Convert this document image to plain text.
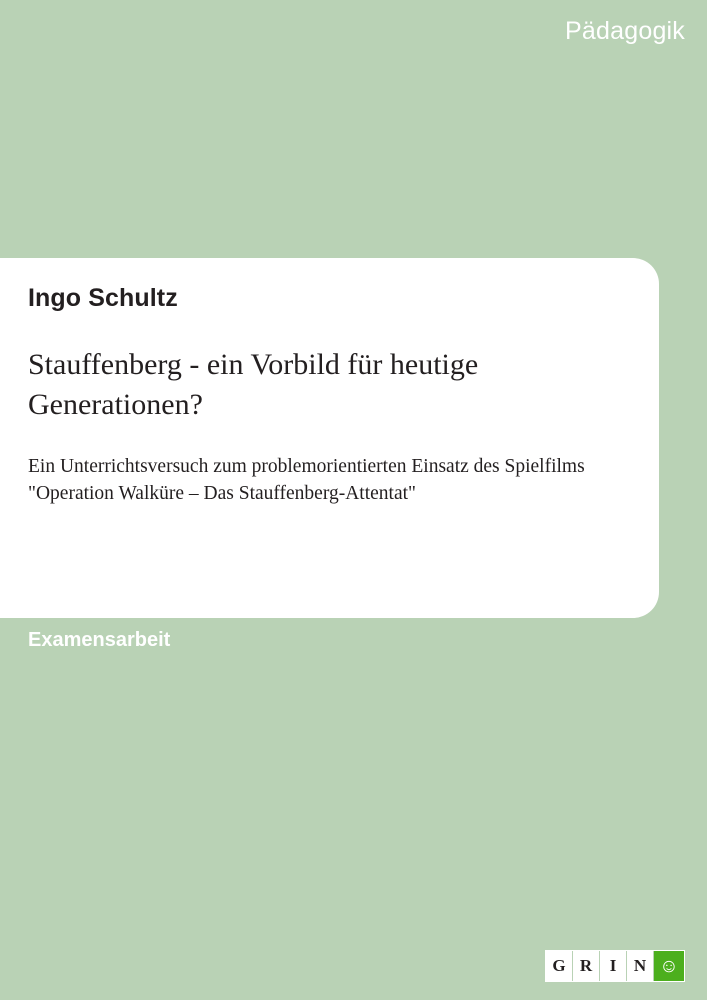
Pädagogik
Ingo Schultz
Stauffenberg - ein Vorbild für heutige Generationen?
Ein Unterrichtsversuch zum problemorientierten Einsatz des Spielfilms "Operation Walküre – Das Stauffenberg-Attentat"
Examensarbeit
G R	I	N ☺
